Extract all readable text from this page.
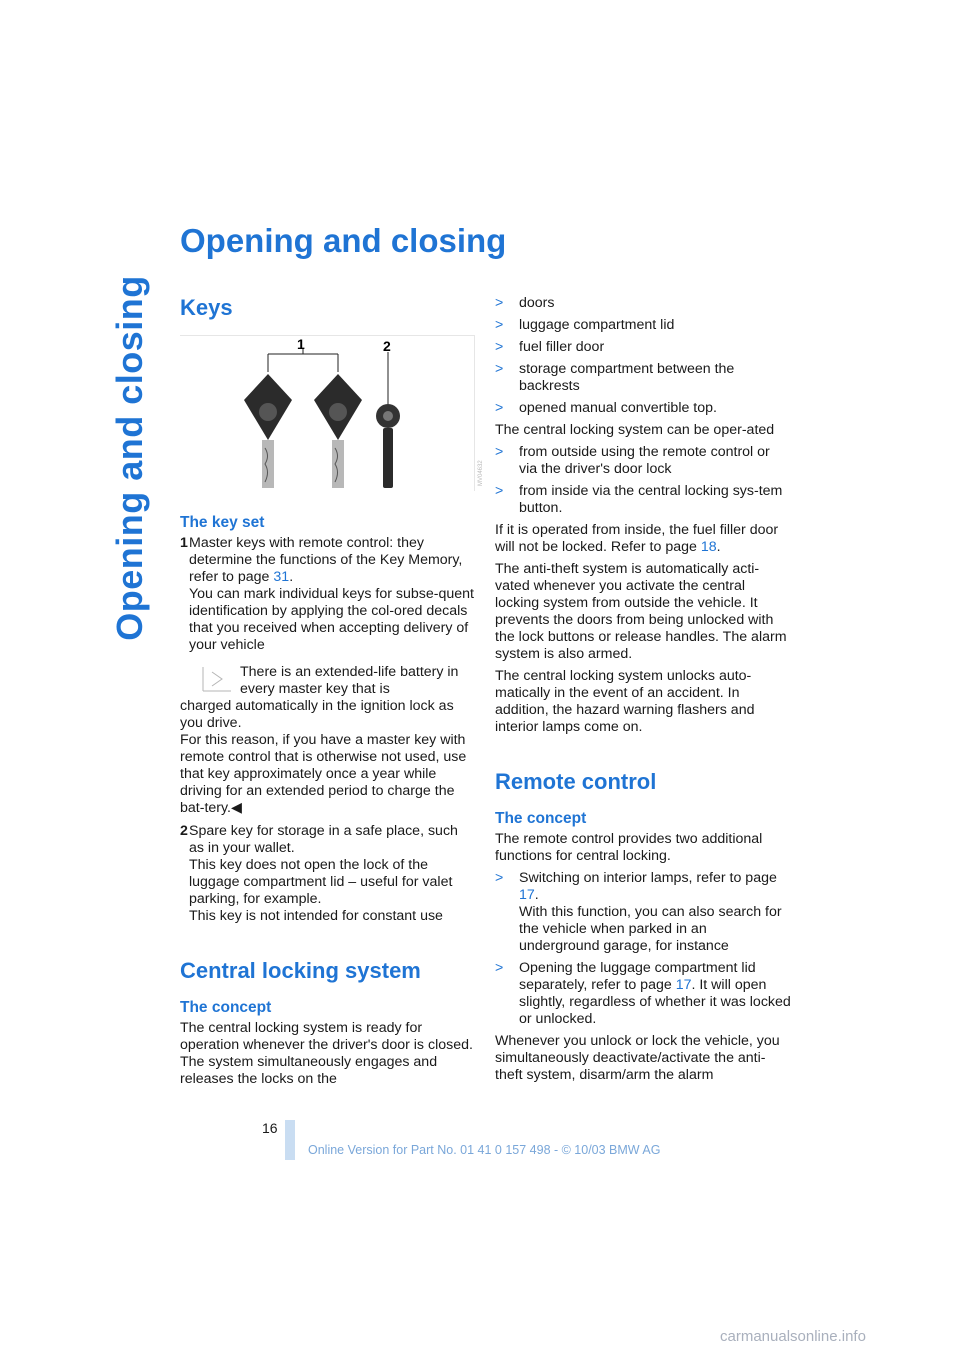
Opening and closing
Opening and closing
Keys
1	2
MV04632
The key set
1 Master keys with remote control: they determine the functions of the Key Memory, refer to page 31.
You can mark individual keys for subse-quent identification by applying the col-ored decals that you received when accepting delivery of your vehicle
There is an extended-life battery in every master key that is
charged automatically in the ignition lock as you drive.
For this reason, if you have a master key with remote control that is otherwise not used, use that key approximately once a year while driving for an extended period to charge the bat-tery.◀
2 Spare key for storage in a safe place, such as in your wallet.
This key does not open the lock of the luggage compartment lid – useful for valet parking, for example.
This key is not intended for constant use
Central locking system
The concept

The central locking system is ready for operation whenever the driver's door is closed. The system simultaneously engages and releases the locks on the

>	doors
>	luggage compartment lid
>	fuel filler door
>	storage compartment between the backrests
>	opened manual convertible top.

The central locking system can be oper-ated

>	from outside using the remote control or via the driver's door lock
>	from inside via the central locking sys-tem button.

If it is operated from inside, the fuel filler door will not be locked. Refer to page 18.

The anti-theft system is automatically acti-vated whenever you activate the central locking system from outside the vehicle. It prevents the doors from being unlocked with the lock buttons or release handles. The alarm system is also armed.

The central locking system unlocks auto-matically in the event of an accident. In addition, the hazard warning flashers and interior lamps come on.

Remote control
The concept

The remote control provides two additional functions for central locking.

>	Switching on interior lamps, refer to page 17.
With this function, you can also search for the vehicle when parked in an underground garage, for instance
>	Opening the luggage compartment lid separately, refer to page 17. It will open slightly, regardless of whether it was locked or unlocked.

Whenever you unlock or lock the vehicle, you simultaneously deactivate/activate the anti-theft system, disarm/arm the alarm

16
Online Version for Part No. 01 41 0 157 498 - © 10/03 BMW AG
carmanualsonline.info
